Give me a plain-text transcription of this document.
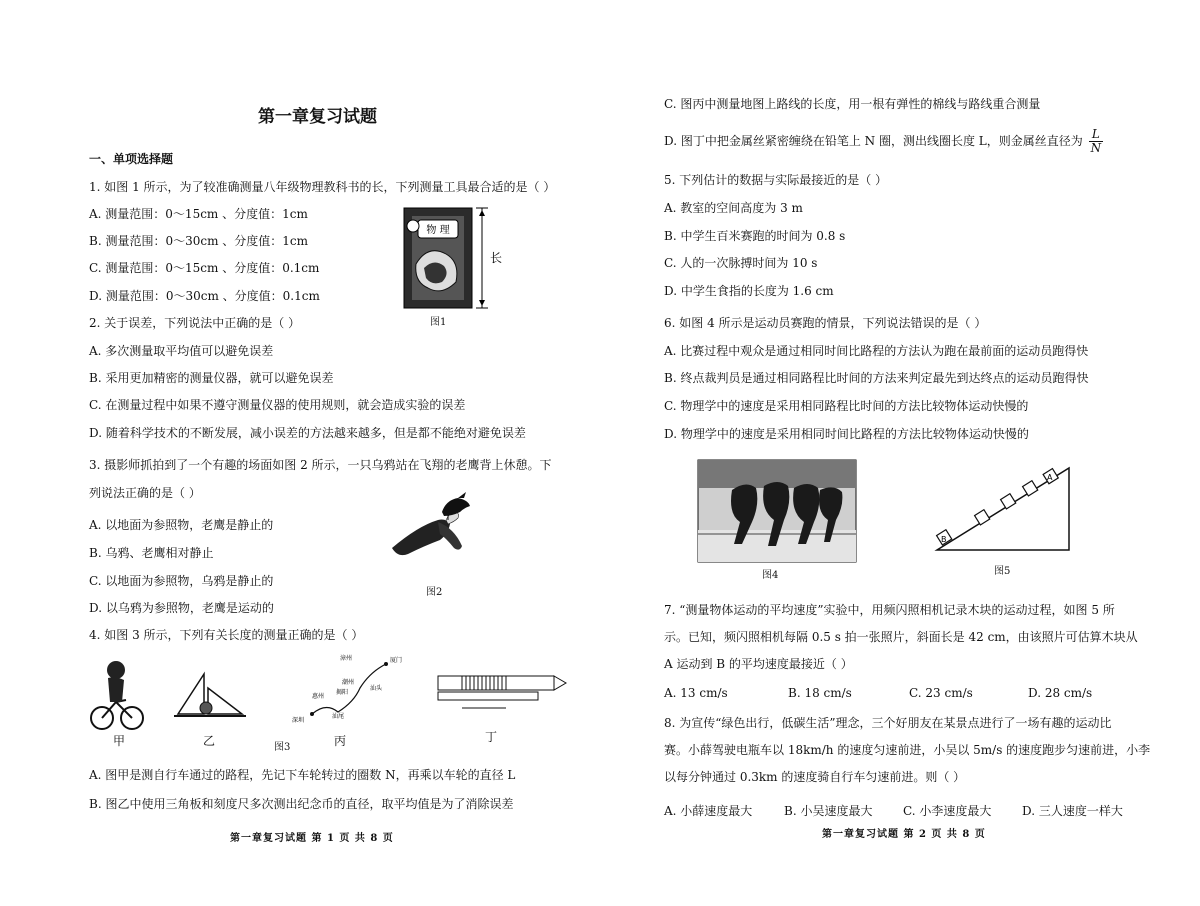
第一章复习试题
一、单项选择题
1. 如图 1 所示，为了较准确测量八年级物理教科书的长，下列测量工具最合适的是（ ）
A. 测量范围：0～15cm 、分度值：1cm
B. 测量范围：0～30cm 、分度值：1cm
C. 测量范围：0～15cm 、分度值：0.1cm
D. 测量范围：0～30cm 、分度值：0.1cm
物 理
长
图1
2. 关于误差，下列说法中正确的是（ ）
A. 多次测量取平均值可以避免误差
B. 采用更加精密的测量仪器，就可以避免误差
C. 在测量过程中如果不遵守测量仪器的使用规则，就会造成实验的误差
D. 随着科学技术的不断发展，减小误差的方法越来越多，但是都不能绝对避免误差
3. 摄影师抓拍到了一个有趣的场面如图 2 所示，一只乌鸦站在飞翔的老鹰背上休憩。下
列说法正确的是（ ）
A. 以地面为参照物，老鹰是静止的
B. 乌鸦、老鹰相对静止
C. 以地面为参照物，乌鸦是静止的
D. 以乌鸦为参照物，老鹰是运动的
图2
4. 如图 3 所示，下列有关长度的测量正确的是（ ）
漳州	厦门
惠州
潮州
揭阳
汕头
深圳
汕尾
甲	乙	图3	丙	丁
A. 图甲是测自行车通过的路程，先记下车轮转过的圈数 N，再乘以车轮的直径 L
B. 图乙中使用三角板和刻度尺多次测出纪念币的直径，取平均值是为了消除误差
第一章复习试题 第 1 页 共 8 页
C. 图丙中测量地图上路线的长度，用一根有弹性的棉线与路线重合测量
D. 图丁中把金属丝紧密缠绕在铅笔上 N 圈，测出线圈长度 L，则金属丝直径为 $\frac{L}{N}$
5. 下列估计的数据与实际最接近的是（ ）
A. 教室的空间高度为 3 m
B. 中学生百米赛跑的时间为 0.8 s
C. 人的一次脉搏时间为 10 s
D. 中学生食指的长度为 1.6 cm
6. 如图 4 所示是运动员赛跑的情景，下列说法错误的是（ ）
A. 比赛过程中观众是通过相同时间比路程的方法认为跑在最前面的运动员跑得快
B. 终点裁判员是通过相同路程比时间的方法来判定最先到达终点的运动员跑得快
C. 物理学中的速度是采用相同路程比时间的方法比较物体运动快慢的
D. 物理学中的速度是采用相同时间比路程的方法比较物体运动快慢的
图4
B
A
图5
7. “测量物体运动的平均速度”实验中，用频闪照相机记录木块的运动过程，如图 5 所
示。已知，频闪照相机每隔 0.5 s 拍一张照片，斜面长是 42 cm，由该照片可估算木块从
A 运动到 B 的平均速度最接近（ ）
A. 13 cm/s	B. 18 cm/s	C. 23 cm/s	D. 28 cm/s
8. 为宣传“绿色出行，低碳生活”理念，三个好朋友在某景点进行了一场有趣的运动比
赛。小薛驾驶电瓶车以 18km/h 的速度匀速前进，小吴以 5m/s 的速度跑步匀速前进，小李
以每分钟通过 0.3km 的速度骑自行车匀速前进。则（ ）
A. 小薛速度最大	B. 小吴速度最大	C. 小李速度最大	D. 三人速度一样大
第一章复习试题 第 2 页 共 8 页
